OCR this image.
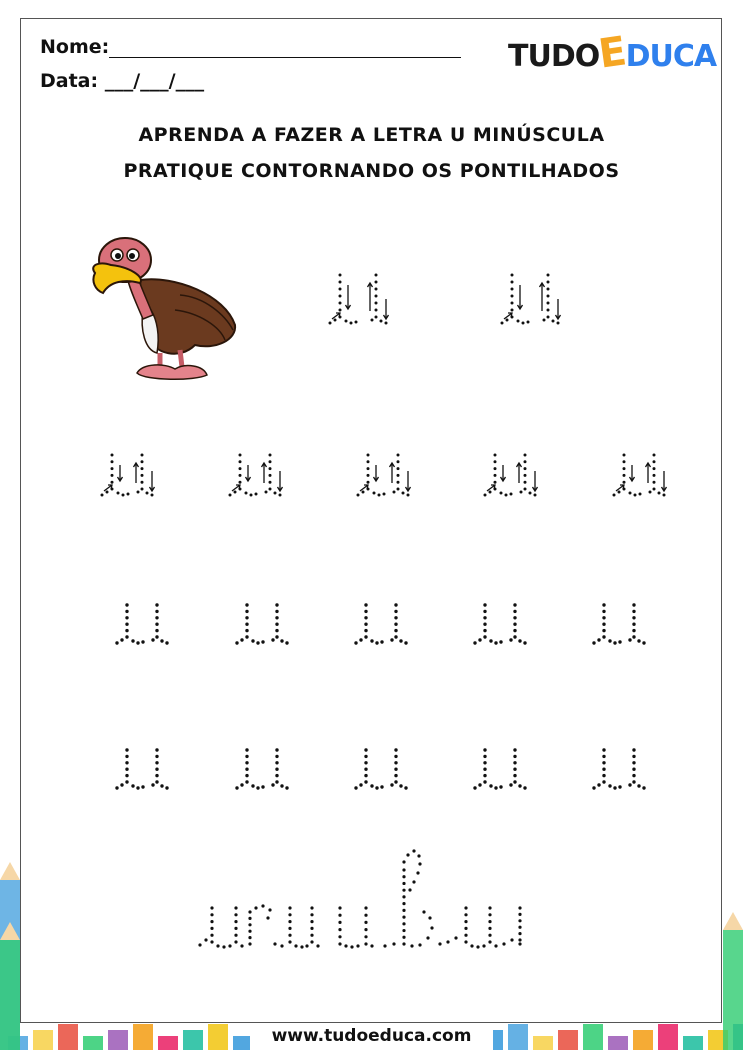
Nome:
Data: ___/___/___
TUDOEDUCA
APRENDA A FAZER A LETRA U MINÚSCULA
PRATIQUE CONTORNANDO OS PONTILHADOS
www.tudoeduca.com
